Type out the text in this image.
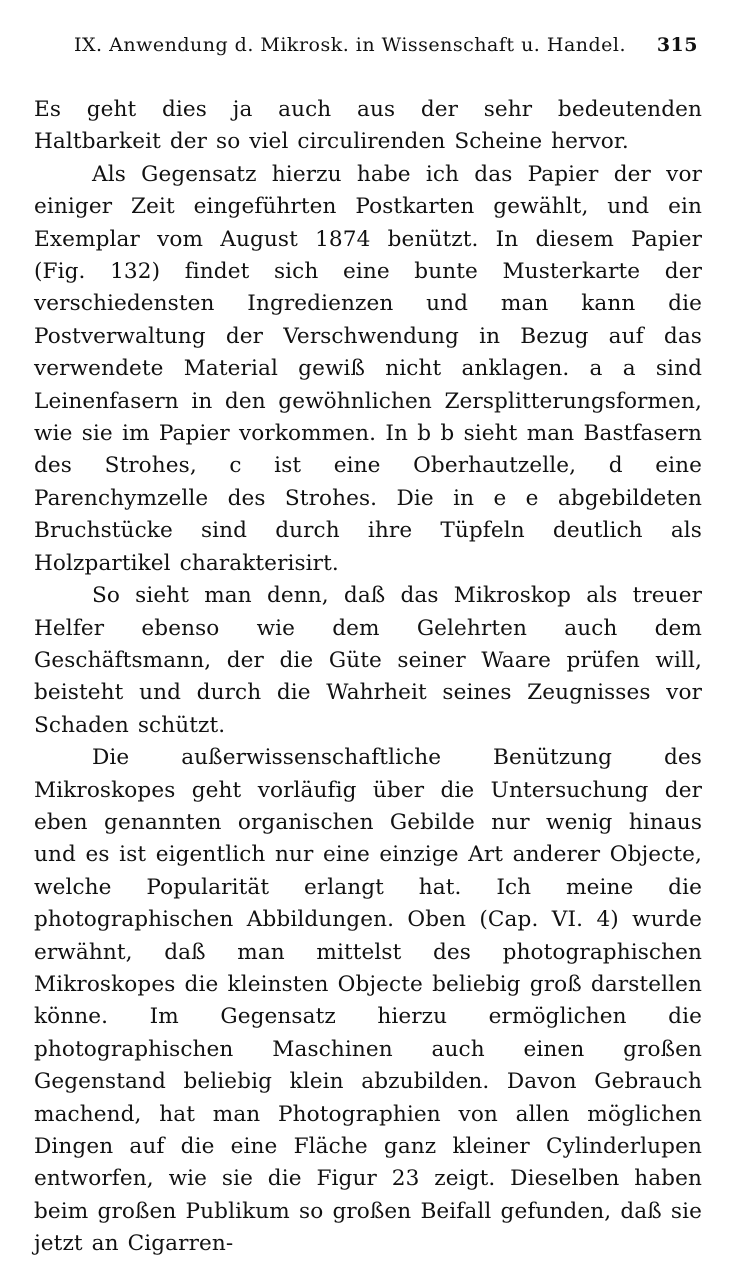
IX. Anwendung d. Mikrosk. in Wissenschaft u. Handel. 315

Es geht dies ja auch aus der sehr bedeutenden Haltbarkeit der so viel circulirenden Scheine hervor.

Als Gegensatz hierzu habe ich das Papier der vor einiger Zeit eingeführten Postkarten gewählt, und ein Exemplar vom August 1874 benützt. In diesem Papier (Fig. 132) findet sich eine bunte Musterkarte der verschiedensten Ingredienzen und man kann die Postverwaltung der Verschwendung in Bezug auf das verwendete Material gewiß nicht anklagen. a a sind Leinenfasern in den gewöhnlichen Zersplitterungsformen, wie sie im Papier vorkommen. In b b sieht man Bastfasern des Strohes, c ist eine Oberhautzelle, d eine Parenchymzelle des Strohes. Die in e e abgebildeten Bruchstücke sind durch ihre Tüpfeln deutlich als Holzpartikel charakterisirt.

So sieht man denn, daß das Mikroskop als treuer Helfer ebenso wie dem Gelehrten auch dem Geschäftsmann, der die Güte seiner Waare prüfen will, beisteht und durch die Wahrheit seines Zeugnisses vor Schaden schützt.

Die außerwissenschaftliche Benützung des Mikroskopes geht vorläufig über die Untersuchung der eben genannten organischen Gebilde nur wenig hinaus und es ist eigentlich nur eine einzige Art anderer Objecte, welche Popularität erlangt hat. Ich meine die photographischen Abbildungen. Oben (Cap. VI. 4) wurde erwähnt, daß man mittelst des photographischen Mikroskopes die kleinsten Objecte beliebig groß darstellen könne. Im Gegensatz hierzu ermöglichen die photographischen Maschinen auch einen großen Gegenstand beliebig klein abzubilden. Davon Gebrauch machend, hat man Photographien von allen möglichen Dingen auf die eine Fläche ganz kleiner Cylinderlupen entworfen, wie sie die Figur 23 zeigt. Dieselben haben beim großen Publikum so großen Beifall gefunden, daß sie jetzt an Cigarren-
